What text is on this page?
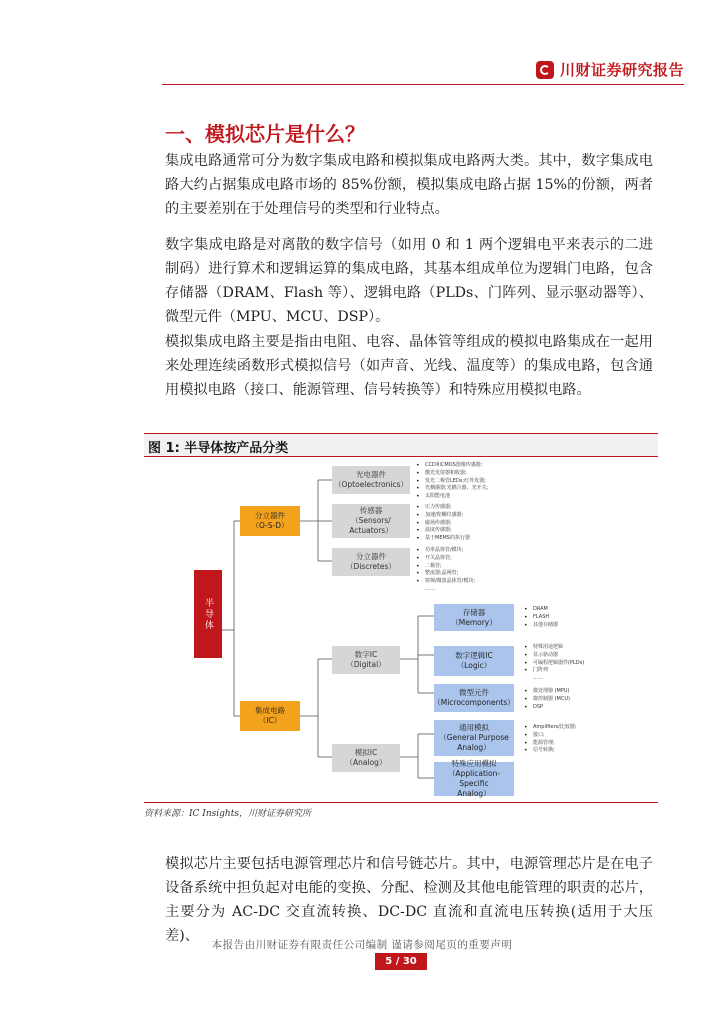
川财证券研究报告
一、模拟芯片是什么？

集成电路通常可分为数字集成电路和模拟集成电路两大类。其中，数字集成电路大约占据集成电路市场的 85%份额，模拟集成电路占据 15%的份额，两者的主要差别在于处理信号的类型和行业特点。

数字集成电路是对离散的数字信号（如用 0 和 1 两个逻辑电平来表示的二进制码）进行算术和逻辑运算的集成电路，其基本组成单位为逻辑门电路，包含存储器（DRAM、Flash 等）、逻辑电路（PLDs、门阵列、显示驱动器等）、微型元件（MPU、MCU、DSP）。

模拟集成电路主要是指由电阻、电容、晶体管等组成的模拟电路集成在一起用来处理连续函数形式模拟信号（如声音、光线、温度等）的集成电路，包含通用模拟电路（接口、能源管理、信号转换等）和特殊应用模拟电路。

图 1: 半导体按产品分类
半导体
分立器件
（O-S-D）
集成电路
（IC）
光电器件
（Optoelectronics）
• CCD和CMOS图像传感器;
• 激光发射器和收器;
• 发光二极管LEDs;红外发器;
• 光耦感器;光耦合器、光开关;
• 太阳能电池
传感器
（Sensors/
Actuators）
• 压力传感器;
• 加速/陀螺仪感器;
• 磁场传感器;
• 温度传感器;
• 基于MEMS的执行器
分立器件
（Discretes）
• 功率晶体管/模块;
• 开关晶体管;
• 二极管;
• 整流器;晶闸管;
• 射频/微波晶体管/模块;
……
数字IC
（Digital）
模拟IC
（Analog）
存储器
（Memory）
• DRAM
• FLASH
• 其他存储器
数字逻辑IC
（Logic）
• 特殊用途逻辑
• 显示驱动器
• 可编程逻辑器件(PLDs)
• 门阵列
……
微型元件
（Microcomponents）
• 微处理器 (MPU)
• 微控制器 (MCU)
• DSP
通用模拟
（General Purpose
Analog）
• Amplifiers/比较器;
• 接口;
• 能源管理;
• 信号转换;
特殊应用模拟
（Application-Specific
Analog）
资料来源：IC Insights，川财证券研究所

模拟芯片主要包括电源管理芯片和信号链芯片。其中，电源管理芯片是在电子设备系统中担负起对电能的变换、分配、检测及其他电能管理的职责的芯片，主要分为 AC-DC 交直流转换、DC-DC 直流和直流电压转换(适用于大压差)、

本报告由川财证券有限责任公司编制 谨请参阅尾页的重要声明
5 / 30
